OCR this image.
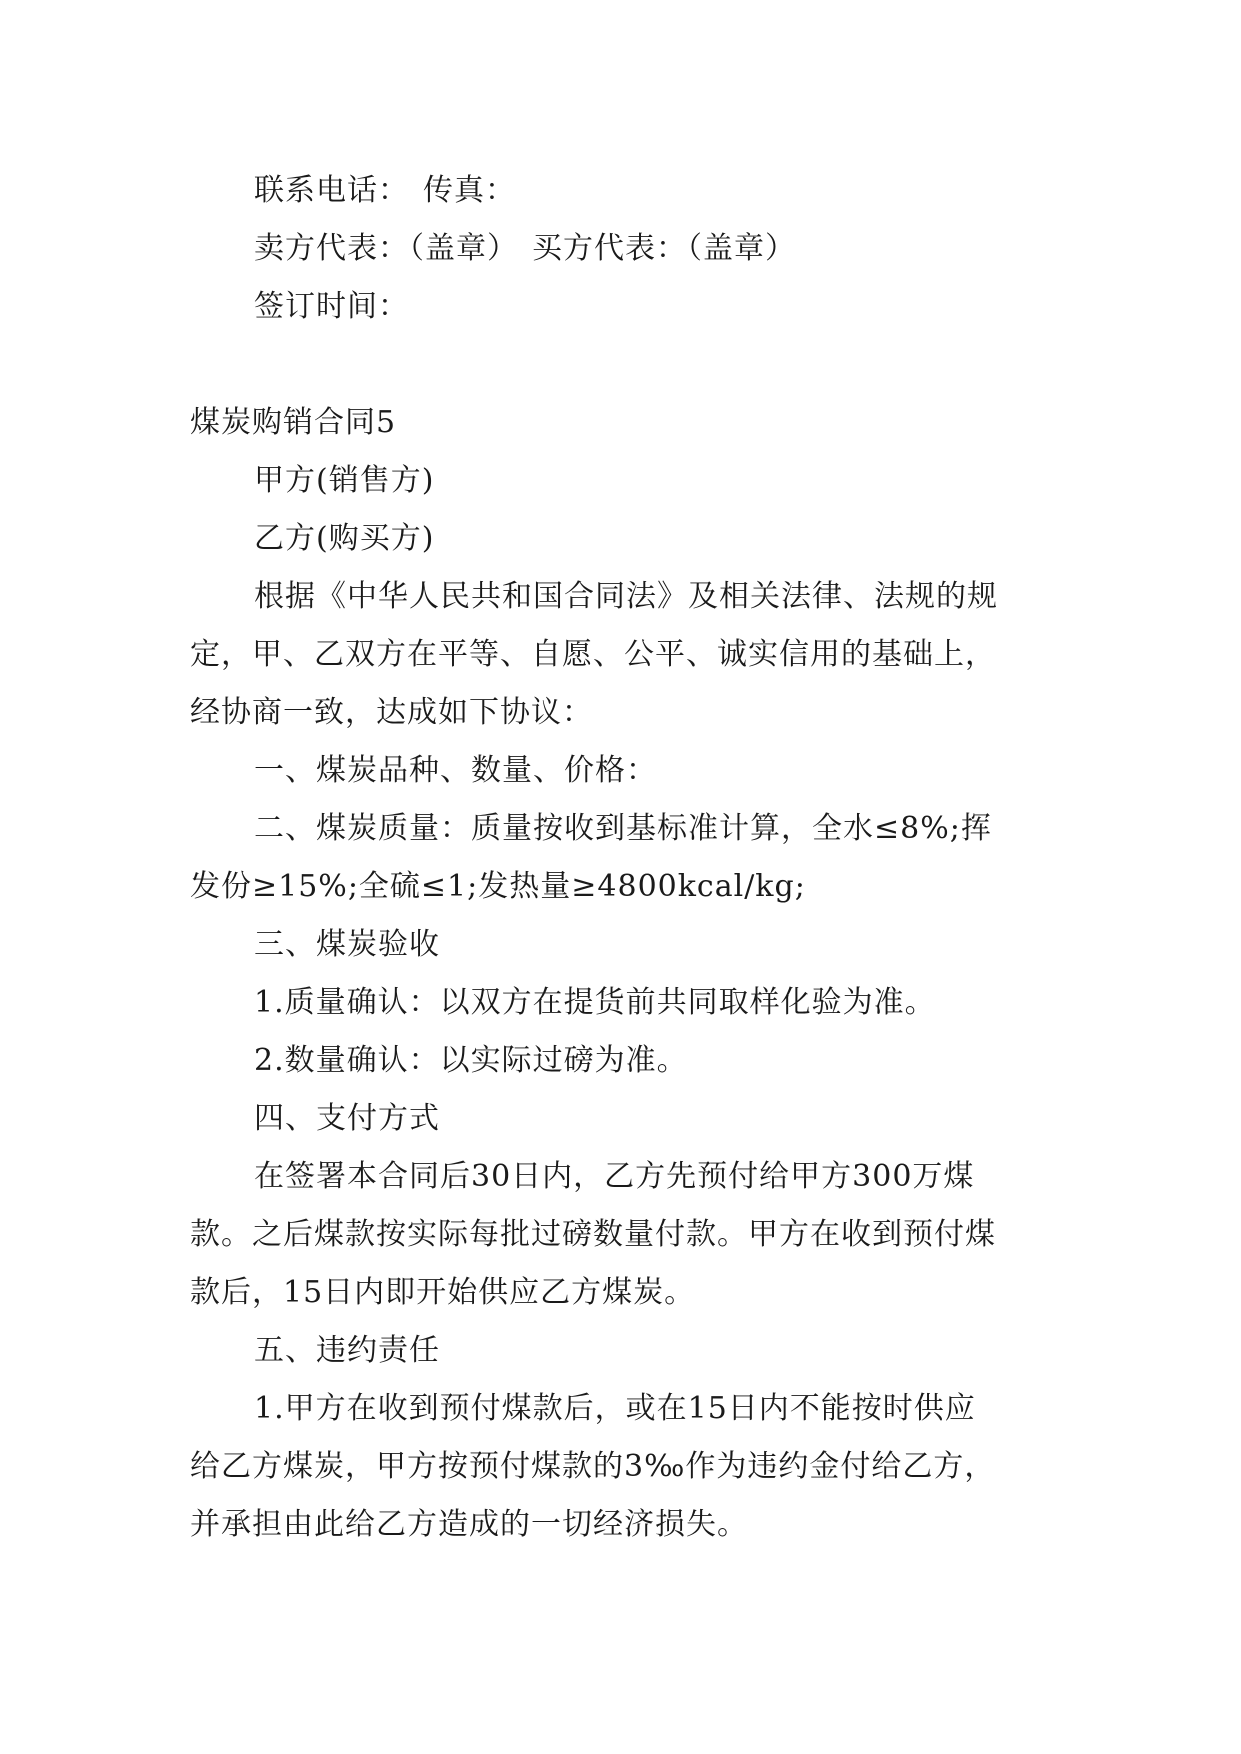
联系电话： 传真：
卖方代表：（盖章） 买方代表：（盖章）
签订时间：
煤炭购销合同5
甲方(销售方)
乙方(购买方)
根据《中华人民共和国合同法》及相关法律、法规的规
定，甲、乙双方在平等、自愿、公平、诚实信用的基础上，
经协商一致，达成如下协议：
一、煤炭品种、数量、价格：
二、煤炭质量：质量按收到基标准计算，全水≤8%;挥
发份≥15%;全硫≤1;发热量≥4800kcal/kg;
三、煤炭验收
1.质量确认：以双方在提货前共同取样化验为准。
2.数量确认：以实际过磅为准。
四、支付方式
在签署本合同后30日内，乙方先预付给甲方300万煤
款。之后煤款按实际每批过磅数量付款。甲方在收到预付煤
款后，15日内即开始供应乙方煤炭。
五、违约责任
1.甲方在收到预付煤款后，或在15日内不能按时供应
给乙方煤炭，甲方按预付煤款的3‰作为违约金付给乙方，
并承担由此给乙方造成的一切经济损失。
